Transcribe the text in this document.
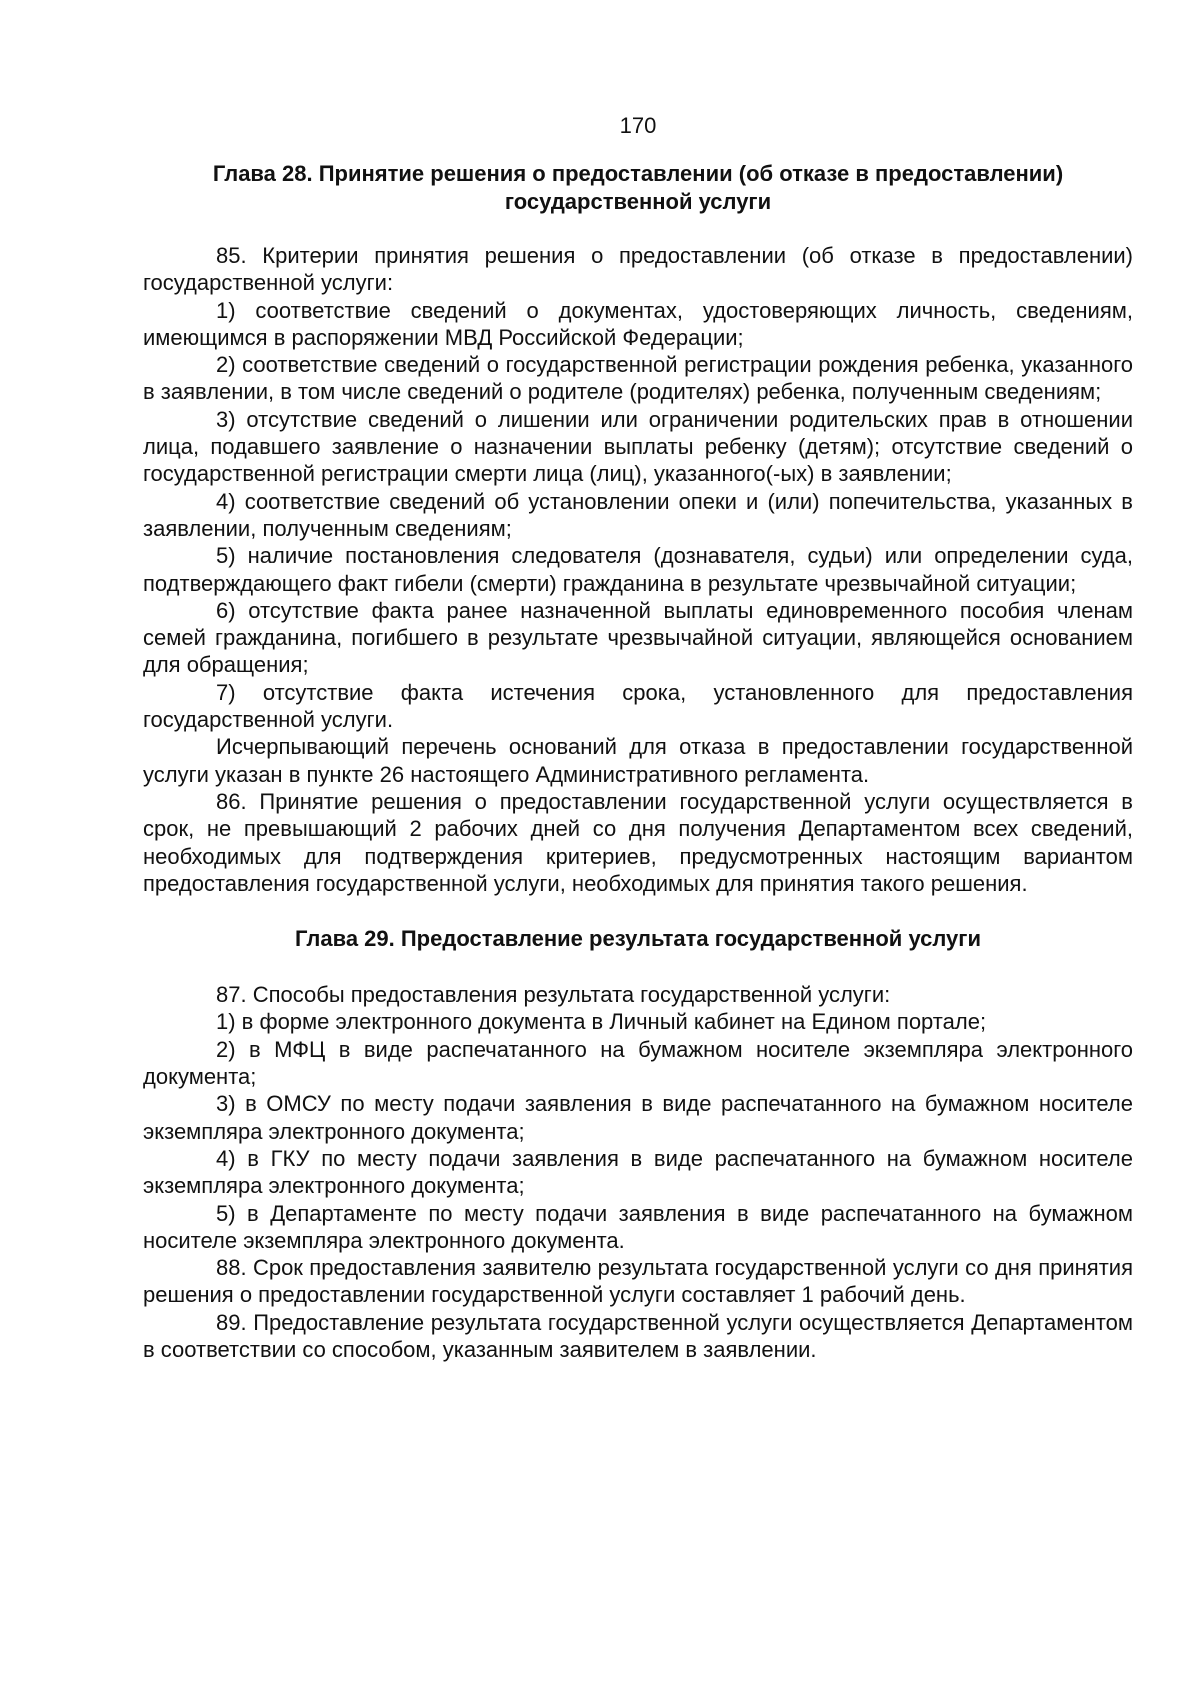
170
Глава 28. Принятие решения о предоставлении (об отказе в предоставлении)
государственной услуги

85. Критерии принятия решения о предоставлении (об отказе в предоставлении) государственной услуги:

1) соответствие сведений о документах, удостоверяющих личность, сведениям, имеющимся в распоряжении МВД Российской Федерации;

2) соответствие сведений о государственной регистрации рождения ребенка, указанного в заявлении, в том числе сведений о родителе (родителях) ребенка, полученным сведениям;

3) отсутствие сведений о лишении или ограничении родительских прав в отношении лица, подавшего заявление о назначении выплаты ребенку (детям); отсутствие сведений о государственной регистрации смерти лица (лиц), указанного(-ых) в заявлении;

4) соответствие сведений об установлении опеки и (или) попечительства, указанных в заявлении, полученным сведениям;

5) наличие постановления следователя (дознавателя, судьи) или определении суда, подтверждающего факт гибели (смерти) гражданина в результате чрезвычайной ситуации;

6) отсутствие факта ранее назначенной выплаты единовременного пособия членам семей гражданина, погибшего в результате чрезвычайной ситуации, являющейся основанием для обращения;

7) отсутствие факта истечения срока, установленного для предоставления государственной услуги.

Исчерпывающий перечень оснований для отказа в предоставлении государственной услуги указан в пункте 26 настоящего Административного регламента.

86. Принятие решения о предоставлении государственной услуги осуществляется в срок, не превышающий 2 рабочих дней со дня получения Департаментом всех сведений, необходимых для подтверждения критериев, предусмотренных настоящим вариантом предоставления государственной услуги, необходимых для принятия такого решения.

Глава 29. Предоставление результата государственной услуги

87. Способы предоставления результата государственной услуги:

1) в форме электронного документа в Личный кабинет на Едином портале;

2) в МФЦ в виде распечатанного на бумажном носителе экземпляра электронного документа;

3) в ОМСУ по месту подачи заявления в виде распечатанного на бумажном носителе экземпляра электронного документа;

4) в ГКУ по месту подачи заявления в виде распечатанного на бумажном носителе экземпляра электронного документа;

5) в Департаменте по месту подачи заявления в виде распечатанного на бумажном носителе экземпляра электронного документа.

88. Срок предоставления заявителю результата государственной услуги со дня принятия решения о предоставлении государственной услуги составляет 1 рабочий день.

89. Предоставление результата государственной услуги осуществляется Департаментом в соответствии со способом, указанным заявителем в заявлении.
